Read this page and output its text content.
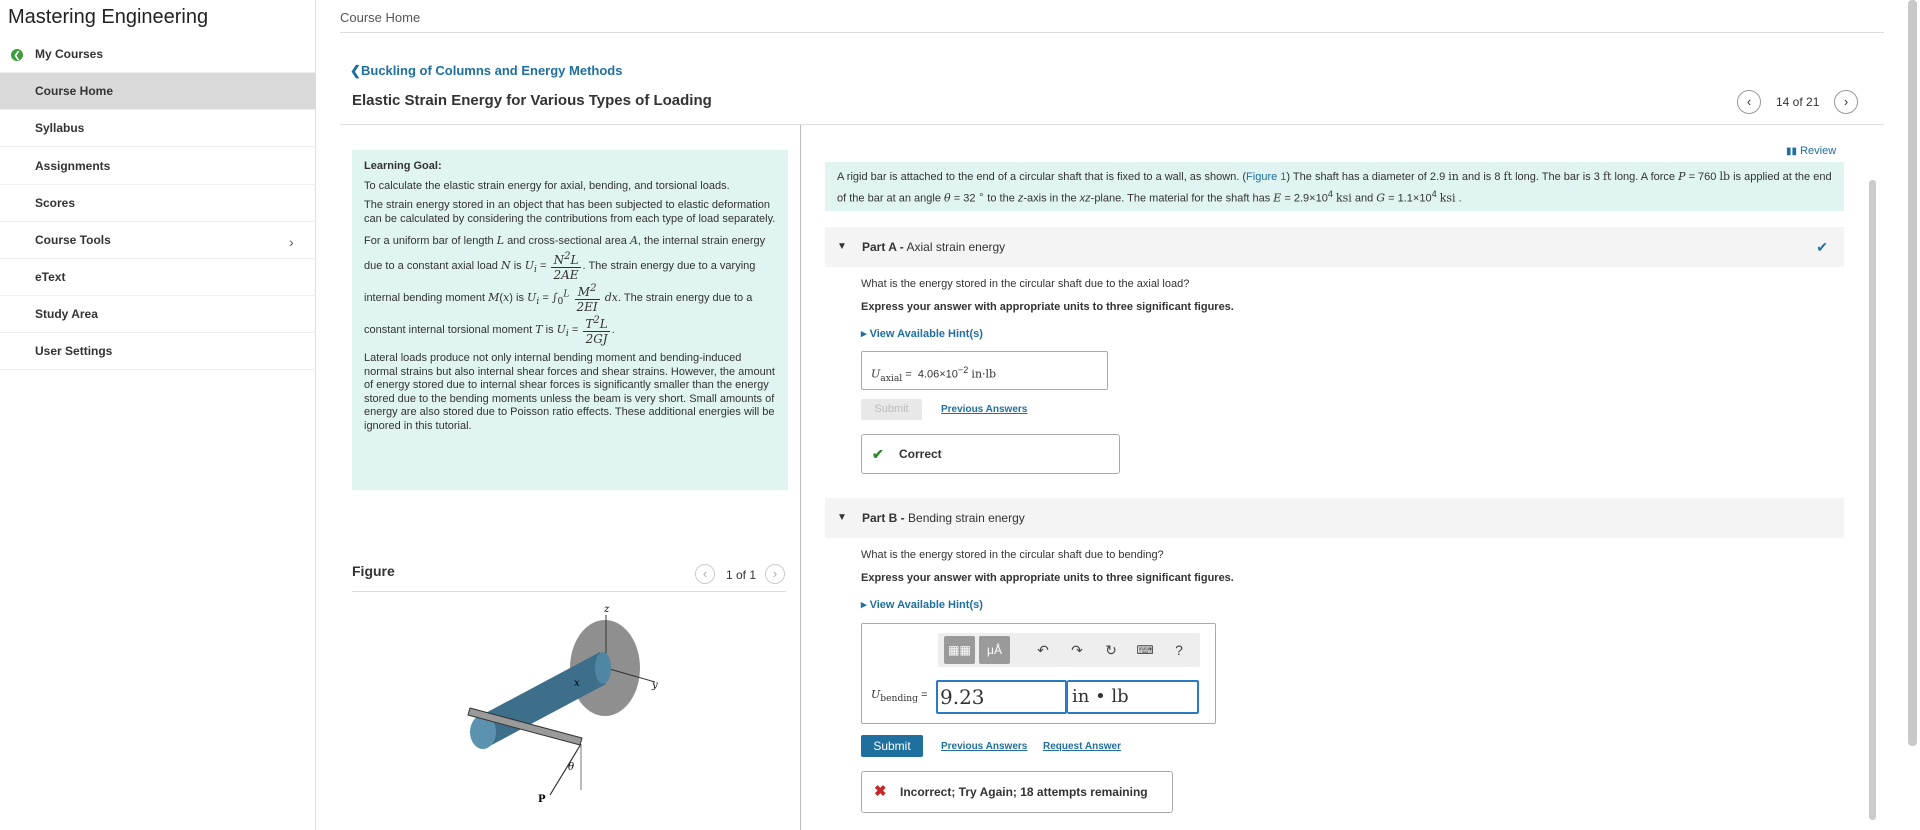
Mastering Engineering
My Courses
❮
Course Home
Syllabus
Assignments
Scores
Course Tools	›
eText
Study Area
User Settings
Course Home
❮ Buckling of Columns and Energy Methods
Elastic Strain Energy for Various Types of Loading	‹	14 of 21	›

Learning Goal:

To calculate the elastic strain energy for axial, bending, and torsional loads.

The strain energy stored in an object that has been subjected to elastic deformation can be calculated by considering the contributions from each type of load separately.

For a uniform bar of length L and cross-sectional area A, the internal strain energy due to a constant axial load N is $U_i = \frac{N^2L}{2AE}$ . The strain energy due to a varying internal bending moment M(x) is $U_i = \int_0^L \frac{M^2}{2EI}$ dx. The strain energy due to a constant internal torsional moment T is $U_i = \frac{T^2L}{2GJ}$ .

Lateral loads produce not only internal bending moment and bending-induced normal strains but also internal shear forces and shear strains. However, the amount of energy stored due to internal shear forces is significantly smaller than the energy stored due to the bending moments unless the beam is very short. Small amounts of energy are also stored due to Poisson ratio effects. These additional energies will be ignored in this tutorial.

Figure	‹	1 of 1	›
z
x	y
θ
P
▮▮ Review
A rigid bar is attached to the end of a circular shaft that is fixed to a wall, as shown. (Figure 1) The shaft has a diameter of 2.9 in and is 8 ft long. The bar is 3 ft long. A force P = 760 lb is applied at the end of the bar at an angle θ = 32 ∘ to the z-axis in the xz-plane. The material for the shaft has $E = 2.9\times 10^4$ ksi and $G = 1.1\times 10^4$ ksi .
▼ Part A - Axial strain energy	✔
What is the energy stored in the circular shaft due to the axial load?
Express your answer with appropriate units to three significant figures.
▸ View Available Hint(s)
$U_{axial} = 4.06\times 10^{-2}$ in·lb
Submit	Previous Answers
✔ Correct
▼ Part B - Bending strain energy
What is the energy stored in the circular shaft due to bending?
Express your answer with appropriate units to three significant figures.
▸ View Available Hint(s)
▦▦	μÅ	↶ ↷ ↻ ⌨ ?
$U_{bending} = 9.23$	in • lb
Submit	Previous Answers Request Answer
✖ Incorrect; Try Again; 18 attempts remaining
